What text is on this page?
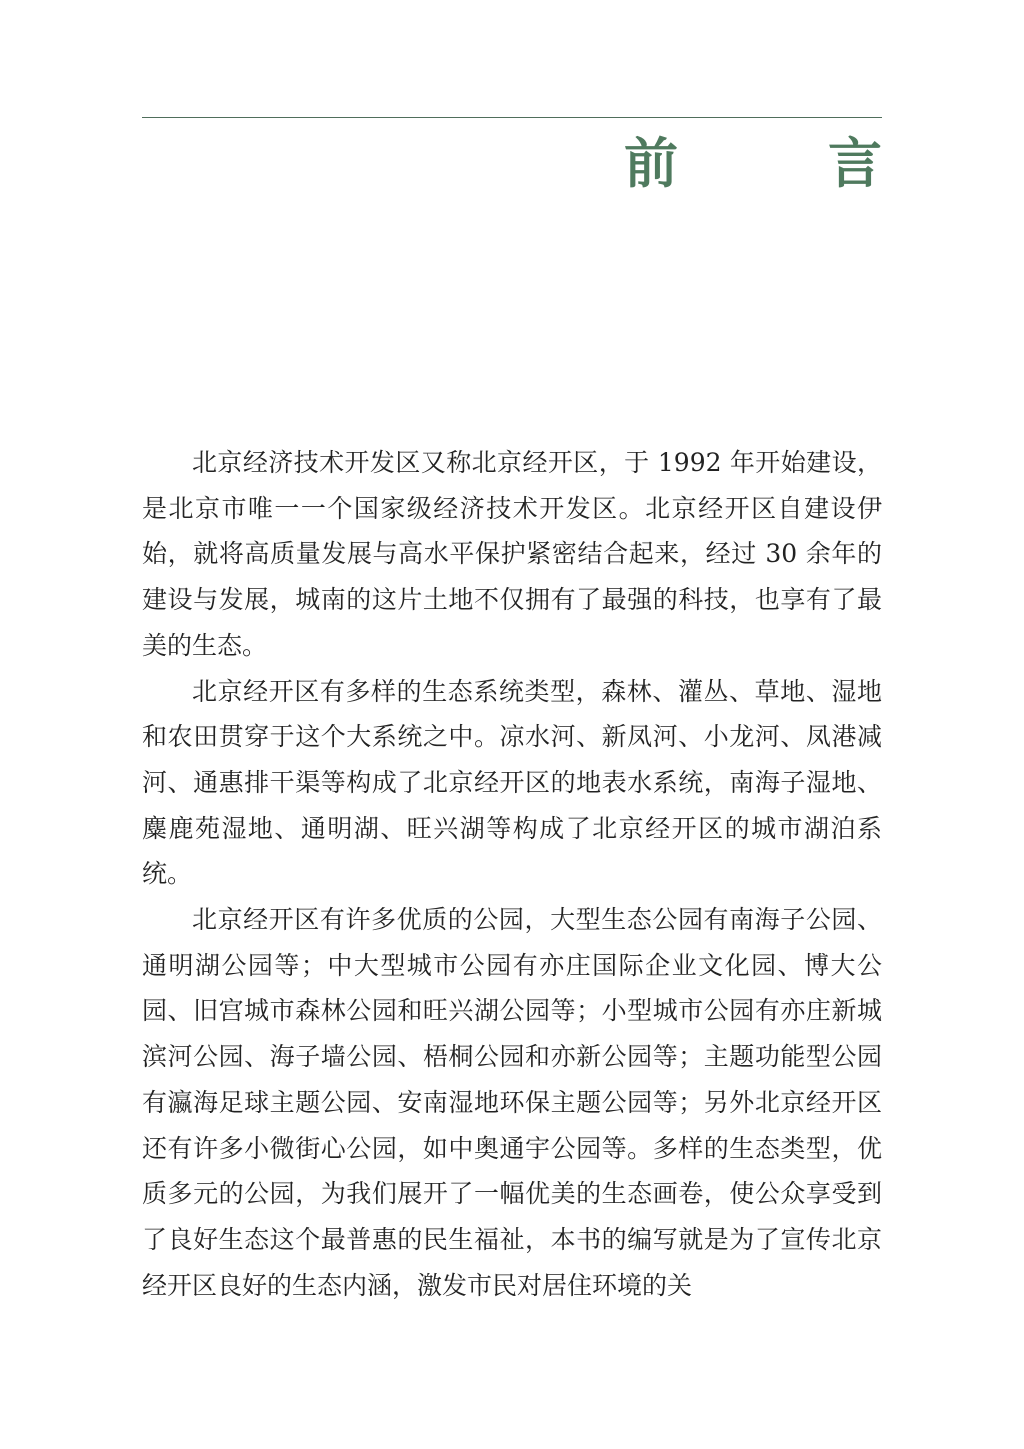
前　言

北京经济技术开发区又称北京经开区，于 1992 年开始建设，是北京市唯一一个国家级经济技术开发区。北京经开区自建设伊始，就将高质量发展与高水平保护紧密结合起来，经过 30 余年的建设与发展，城南的这片土地不仅拥有了最强的科技，也享有了最美的生态。

北京经开区有多样的生态系统类型，森林、灌丛、草地、湿地和农田贯穿于这个大系统之中。凉水河、新凤河、小龙河、凤港减河、通惠排干渠等构成了北京经开区的地表水系统，南海子湿地、麋鹿苑湿地、通明湖、旺兴湖等构成了北京经开区的城市湖泊系统。

北京经开区有许多优质的公园，大型生态公园有南海子公园、通明湖公园等；中大型城市公园有亦庄国际企业文化园、博大公园、旧宫城市森林公园和旺兴湖公园等；小型城市公园有亦庄新城滨河公园、海子墙公园、梧桐公园和亦新公园等；主题功能型公园有瀛海足球主题公园、安南湿地环保主题公园等；另外北京经开区还有许多小微街心公园，如中奥通宇公园等。多样的生态类型，优质多元的公园，为我们展开了一幅优美的生态画卷，使公众享受到了良好生态这个最普惠的民生福祉，本书的编写就是为了宣传北京经开区良好的生态内涵，激发市民对居住环境的关
